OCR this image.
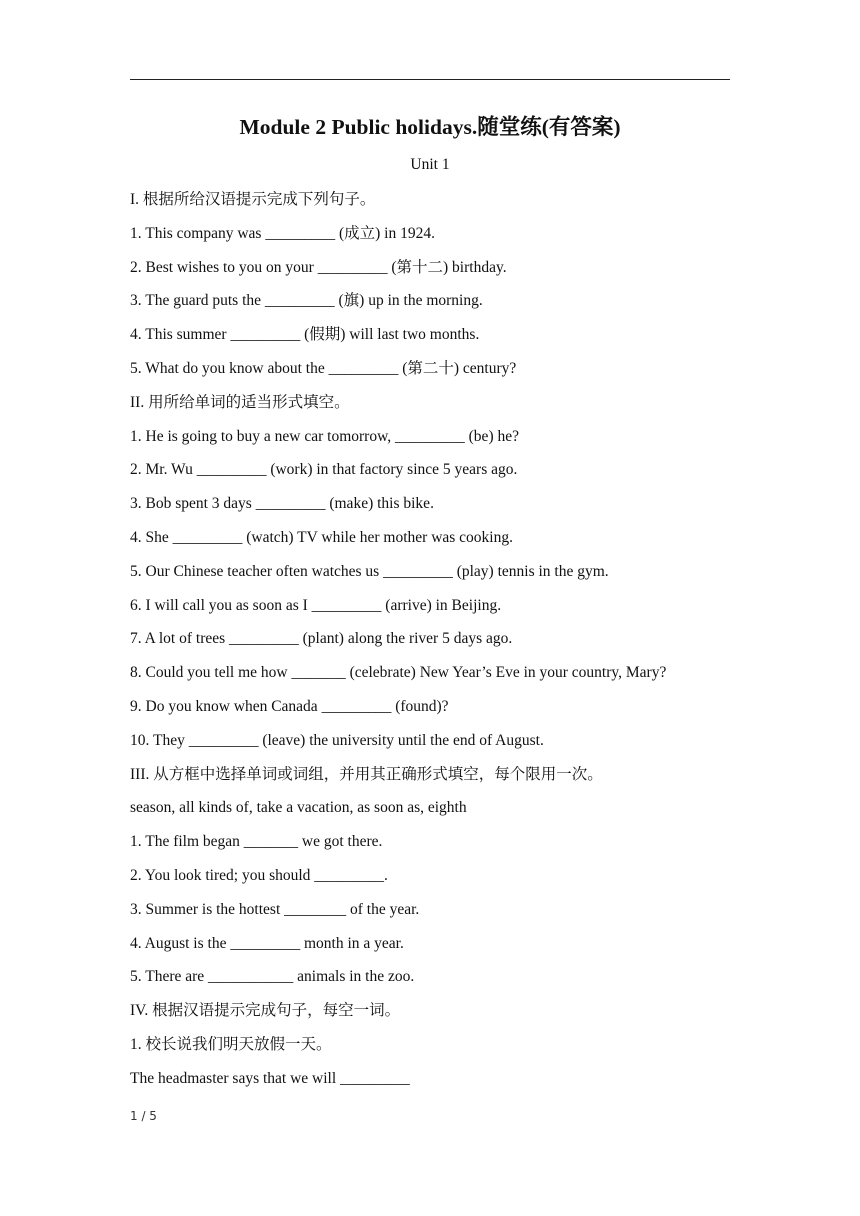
Module 2 Public holidays.随堂练(有答案)
Unit 1
I. 根据所给汉语提示完成下列句子。
1. This company was _________ (成立) in 1924.
2. Best wishes to you on your _________ (第十二) birthday.
3. The guard puts the _________ (旗) up in the morning.
4. This summer _________ (假期) will last two months.
5. What do you know about the _________ (第二十) century?
II. 用所给单词的适当形式填空。
1. He is going to buy a new car tomorrow, _________ (be) he?
2. Mr. Wu _________ (work) in that factory since 5 years ago.
3. Bob spent 3 days _________ (make) this bike.
4. She _________ (watch) TV while her mother was cooking.
5. Our Chinese teacher often watches us _________ (play) tennis in the gym.
6. I will call you as soon as I _________ (arrive) in Beijing.
7. A lot of trees _________ (plant) along the river 5 days ago.
8. Could you tell me how _______ (celebrate) New Year’s Eve in your country, Mary?
9. Do you know when Canada _________ (found)?
10. They _________ (leave) the university until the end of August.
III. 从方框中选择单词或词组，并用其正确形式填空，每个限用一次。
season, all kinds of, take a vacation, as soon as, eighth
1. The film began _______ we got there.
2. You look tired; you should _________.
3. Summer is the hottest ________ of the year.
4. August is the _________ month in a year.
5. There are ___________ animals in the zoo.
IV. 根据汉语提示完成句子，每空一词。
1. 校长说我们明天放假一天。
The headmaster says that we will _________
1 / 5
